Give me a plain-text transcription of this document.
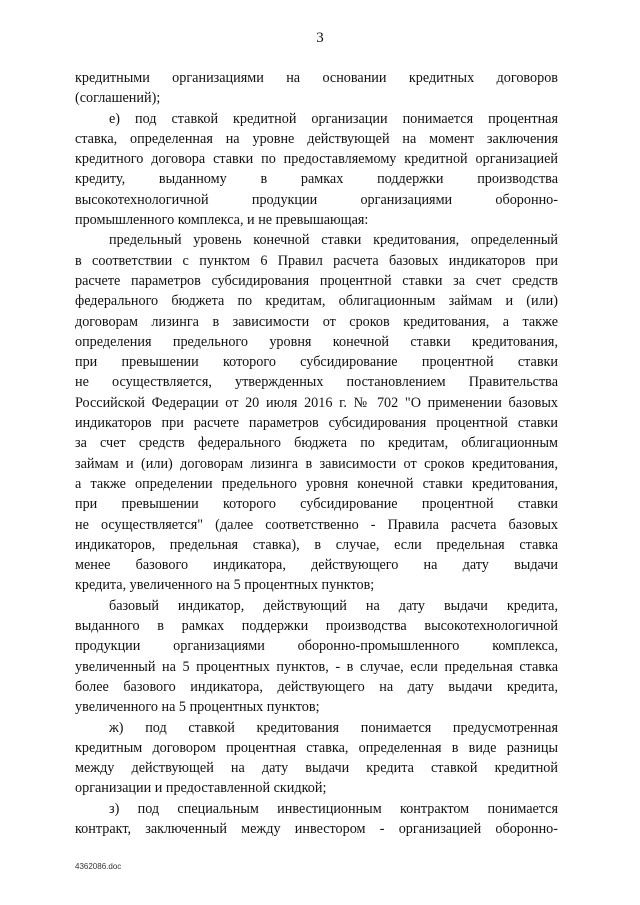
3
кредитными организациями на основании кредитных договоров
(соглашений);
е) под ставкой кредитной организации понимается процентная
ставка, определенная на уровне действующей на момент заключения
кредитного договора ставки по предоставляемому кредитной организацией
кредиту, выданному в рамках поддержки производства
высокотехнологичной продукции организациями оборонно-
промышленного комплекса, и не превышающая:
предельный уровень конечной ставки кредитования, определенный
в соответствии с пунктом 6 Правил расчета базовых индикаторов при
расчете параметров субсидирования процентной ставки за счет средств
федерального бюджета по кредитам, облигационным займам и (или)
договорам лизинга в зависимости от сроков кредитования, а также
определения предельного уровня конечной ставки кредитования,
при превышении которого субсидирование процентной ставки
не осуществляется, утвержденных постановлением Правительства
Российской Федерации от 20 июля 2016 г. № 702 "О применении базовых
индикаторов при расчете параметров субсидирования процентной ставки
за счет средств федерального бюджета по кредитам, облигационным
займам и (или) договорам лизинга в зависимости от сроков кредитования,
а также определении предельного уровня конечной ставки кредитования,
при превышении которого субсидирование процентной ставки
не осуществляется" (далее соответственно - Правила расчета базовых
индикаторов, предельная ставка), в случае, если предельная ставка
менее базового индикатора, действующего на дату выдачи
кредита, увеличенного на 5 процентных пунктов;
базовый индикатор, действующий на дату выдачи кредита,
выданного в рамках поддержки производства высокотехнологичной
продукции организациями оборонно-промышленного комплекса,
увеличенный на 5 процентных пунктов, - в случае, если предельная ставка
более базового индикатора, действующего на дату выдачи кредита,
увеличенного на 5 процентных пунктов;
ж) под ставкой кредитования понимается предусмотренная
кредитным договором процентная ставка, определенная в виде разницы
между действующей на дату выдачи кредита ставкой кредитной
организации и предоставленной скидкой;
з) под специальным инвестиционным контрактом понимается
контракт, заключенный между инвестором - организацией оборонно-
4362086.doc
